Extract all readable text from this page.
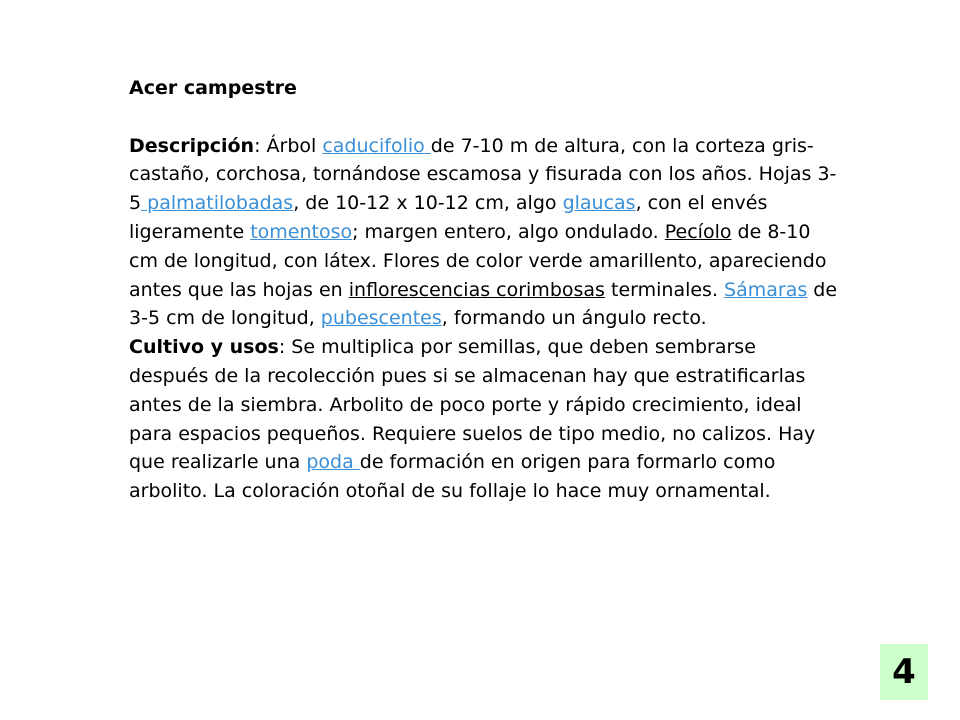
Acer campestre

Descripción: Árbol caducifolio de 7-10 m de altura, con la corteza gris-castaño, corchosa, tornándose escamosa y fisurada con los años. Hojas 3-5 palmatilobadas, de 10-12 x 10-12 cm, algo glaucas, con el envés ligeramente tomentoso; margen entero, algo ondulado. Pecíolo de 8-10 cm de longitud, con látex. Flores de color verde amarillento, apareciendo antes que las hojas en inflorescencias corimbosas terminales. Sámaras de 3-5 cm de longitud, pubescentes, formando un ángulo recto.

Cultivo y usos: Se multiplica por semillas, que deben sembrarse después de la recolección pues si se almacenan hay que estratificarlas antes de la siembra. Arbolito de poco porte y rápido crecimiento, ideal para espacios pequeños. Requiere suelos de tipo medio, no calizos. Hay que realizarle una poda de formación en origen para formarlo como arbolito. La coloración otoñal de su follaje lo hace muy ornamental.

4
